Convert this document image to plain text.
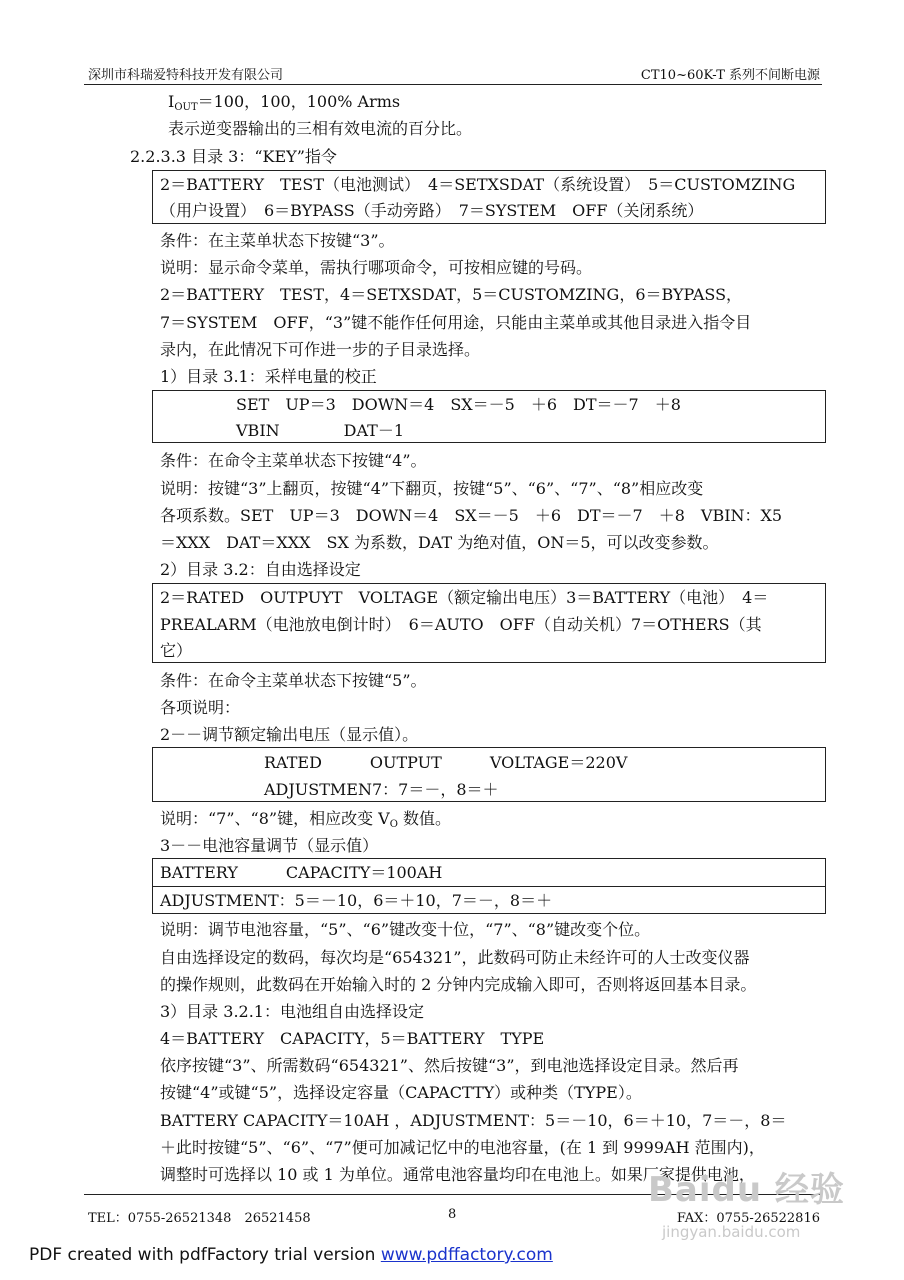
深圳市科瑞爱特科技开发有限公司	CT10~60K-T 系列不间断电源
$I_{OUT}=100$，100，100% Arms
表示逆变器输出的三相有效电流的百分比。
2.2.3.3 目录 3：“KEY”指令
2＝BATTERY　TEST（电池测试）　4＝SETXSDAT（系统设置）　5＝CUSTOMZING
（用户设置）　6＝BYPASS（手动旁路）　7＝SYSTEM　OFF（关闭系统）
条件：在主菜单状态下按键“3”。
说明：显示命令菜单，需执行哪项命令，可按相应键的号码。
2＝BATTERY　TEST，4＝SETXSDAT，5＝CUSTOMZING，6＝BYPASS，
7＝SYSTEM　OFF，“3”键不能作任何用途，只能由主菜单或其他目录进入指令目
录内，在此情况下可作进一步的子目录选择。
1）目录 3.1：采样电量的校正
SET　UP＝3　DOWN＝4　SX＝－5　＋6　DT＝－7　＋8
VBIN　　　　DAT－1
条件：在命令主菜单状态下按键“4”。
说明：按键“3”上翻页，按键“4”下翻页，按键“5”、“6”、“7”、“8”相应改变
各项系数。SET　UP＝3　DOWN＝4　SX＝－5　＋6　DT＝－7　＋8　VBIN：X5
＝XXX　DAT＝XXX　SX 为系数，DAT 为绝对值，ON＝5，可以改变参数。
2）目录 3.2：自由选择设定
2＝RATED　OUTPUYT　VOLTAGE（额定输出电压）3＝BATTERY（电池）　4＝
PREALARM（电池放电倒计时）　6＝AUTO　OFF（自动关机）7＝OTHERS（其
它）
条件：在命令主菜单状态下按键“5”。
各项说明：
2－－调节额定输出电压（显示值）。
RATED　　　OUTPUT　　　VOLTAGE＝220V
ADJUSTMEN7：7＝－，8＝＋
说明：“7”、“8”键，相应改变 $V_O$ 数值。
3－－电池容量调节（显示值）
BATTERY　　　CAPACITY＝100AH
ADJUSTMENT：5＝－10，6＝＋10，7＝－，8＝＋
说明：调节电池容量，“5”、“6”键改变十位，“7”、“8”键改变个位。
自由选择设定的数码，每次均是“654321”，此数码可防止未经许可的人士改变仪器
的操作规则，此数码在开始输入时的 2 分钟内完成输入即可，否则将返回基本目录。
3）目录 3.2.1：电池组自由选择设定
4＝BATTERY　CAPACITY，5＝BATTERY　TYPE
依序按键“3”、所需数码“654321”、然后按键“3”，到电池选择设定目录。然后再
按键“4”或键“5”，选择设定容量（CAPACTTY）或种类（TYPE）。
BATTERY CAPACITY＝10AH ，ADJUSTMENT：5＝－10，6＝＋10，7＝－，8＝
＋此时按键“5”、“6”、“7”便可加减记忆中的电池容量，(在 1 到 9999AH 范围内)，
调整时可选择以 10 或 1 为单位。通常电池容量均印在电池上。如果厂家提供电池，
TEL：0755-26521348　26521458	8	FAX：0755-26522816
Baidu 经验
jingyan.baidu.com
PDF created with pdfFactory trial version www.pdffactory.com
